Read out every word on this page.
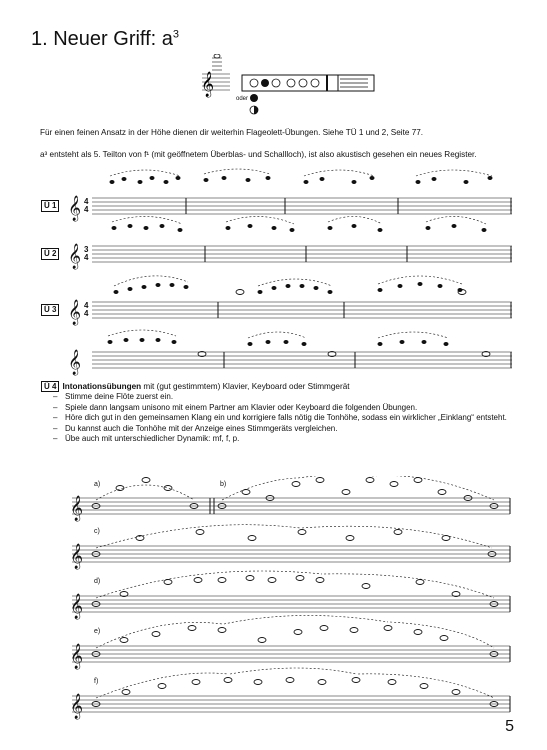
1. Neuer Griff: $a^3$
𝄞
oder
Für einen feinen Ansatz in der Höhe dienen dir weiterhin Flageolett-Übungen. Siehe TÜ 1 und 2, Seite 77.
a³ entsteht als 5. Teilton von f¹ (mit geöffnetem Überblas- und Schallloch), ist also akustisch gesehen ein neues Register.
𝄞
𝄞
𝄞
𝄞
4
4
3
4
4
4
Ü 1
Ü 2
Ü 3
Ü 4 Intonationsübungen mit (gut gestimmtem) Klavier, Keyboard oder Stimmgerät
– Stimme deine Flöte zuerst ein.
– Spiele dann langsam unisono mit einem Partner am Klavier oder Keyboard die folgenden Übungen.
– Höre dich gut in den gemeinsamen Klang ein und korrigiere falls nötig die Tonhöhe, sodass ein wirklicher „Einklang“ entsteht.
– Du kannst auch die Tonhöhe mit der Anzeige eines Stimmgeräts vergleichen.
– Übe auch mit unterschiedlicher Dynamik: mf, f, p.
𝄞
𝄞
𝄞
𝄞
𝄞
a)	b)
c)
d)
e)
f)
5
